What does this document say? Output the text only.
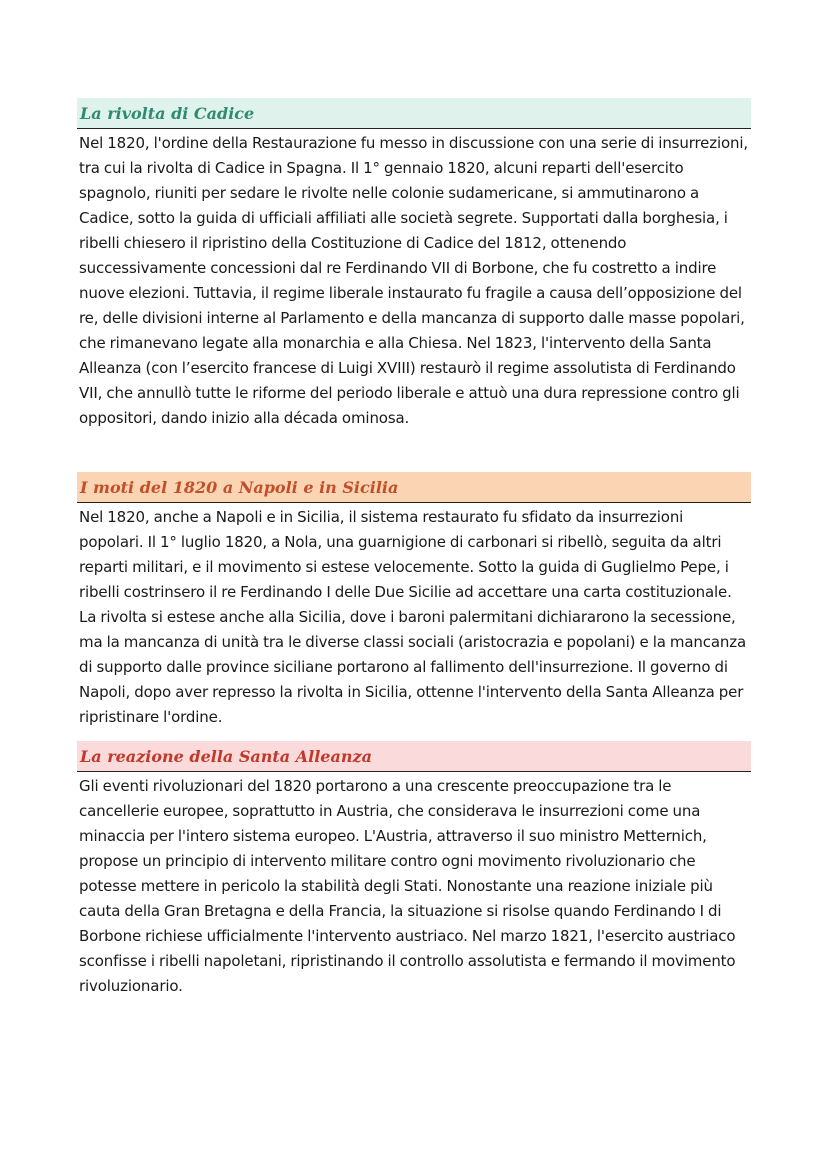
La rivolta di Cadice

Nel 1820, l'ordine della Restaurazione fu messo in discussione con una serie di insurrezioni, tra cui la rivolta di Cadice in Spagna. Il 1° gennaio 1820, alcuni reparti dell'esercito spagnolo, riuniti per sedare le rivolte nelle colonie sudamericane, si ammutinarono a Cadice, sotto la guida di ufficiali affiliati alle società segrete. Supportati dalla borghesia, i ribelli chiesero il ripristino della Costituzione di Cadice del 1812, ottenendo successivamente concessioni dal re Ferdinando VII di Borbone, che fu costretto a indire nuove elezioni. Tuttavia, il regime liberale instaurato fu fragile a causa dell’opposizione del re, delle divisioni interne al Parlamento e della mancanza di supporto dalle masse popolari, che rimanevano legate alla monarchia e alla Chiesa. Nel 1823, l'intervento della Santa Alleanza (con l’esercito francese di Luigi XVIII) restaurò il regime assolutista di Ferdinando VII, che annullò tutte le riforme del periodo liberale e attuò una dura repressione contro gli oppositori, dando inizio alla década ominosa.

I moti del 1820 a Napoli e in Sicilia

Nel 1820, anche a Napoli e in Sicilia, il sistema restaurato fu sfidato da insurrezioni popolari. Il 1° luglio 1820, a Nola, una guarnigione di carbonari si ribellò, seguita da altri reparti militari, e il movimento si estese velocemente. Sotto la guida di Guglielmo Pepe, i ribelli costrinsero il re Ferdinando I delle Due Sicilie ad accettare una carta costituzionale. La rivolta si estese anche alla Sicilia, dove i baroni palermitani dichiararono la secessione, ma la mancanza di unità tra le diverse classi sociali (aristocrazia e popolani) e la mancanza di supporto dalle province siciliane portarono al fallimento dell'insurrezione. Il governo di Napoli, dopo aver represso la rivolta in Sicilia, ottenne l'intervento della Santa Alleanza per ripristinare l'ordine.

La reazione della Santa Alleanza

Gli eventi rivoluzionari del 1820 portarono a una crescente preoccupazione tra le cancellerie europee, soprattutto in Austria, che considerava le insurrezioni come una minaccia per l'intero sistema europeo. L'Austria, attraverso il suo ministro Metternich, propose un principio di intervento militare contro ogni movimento rivoluzionario che potesse mettere in pericolo la stabilità degli Stati. Nonostante una reazione iniziale più cauta della Gran Bretagna e della Francia, la situazione si risolse quando Ferdinando I di Borbone richiese ufficialmente l'intervento austriaco. Nel marzo 1821, l'esercito austriaco sconfisse i ribelli napoletani, ripristinando il controllo assolutista e fermando il movimento rivoluzionario.
